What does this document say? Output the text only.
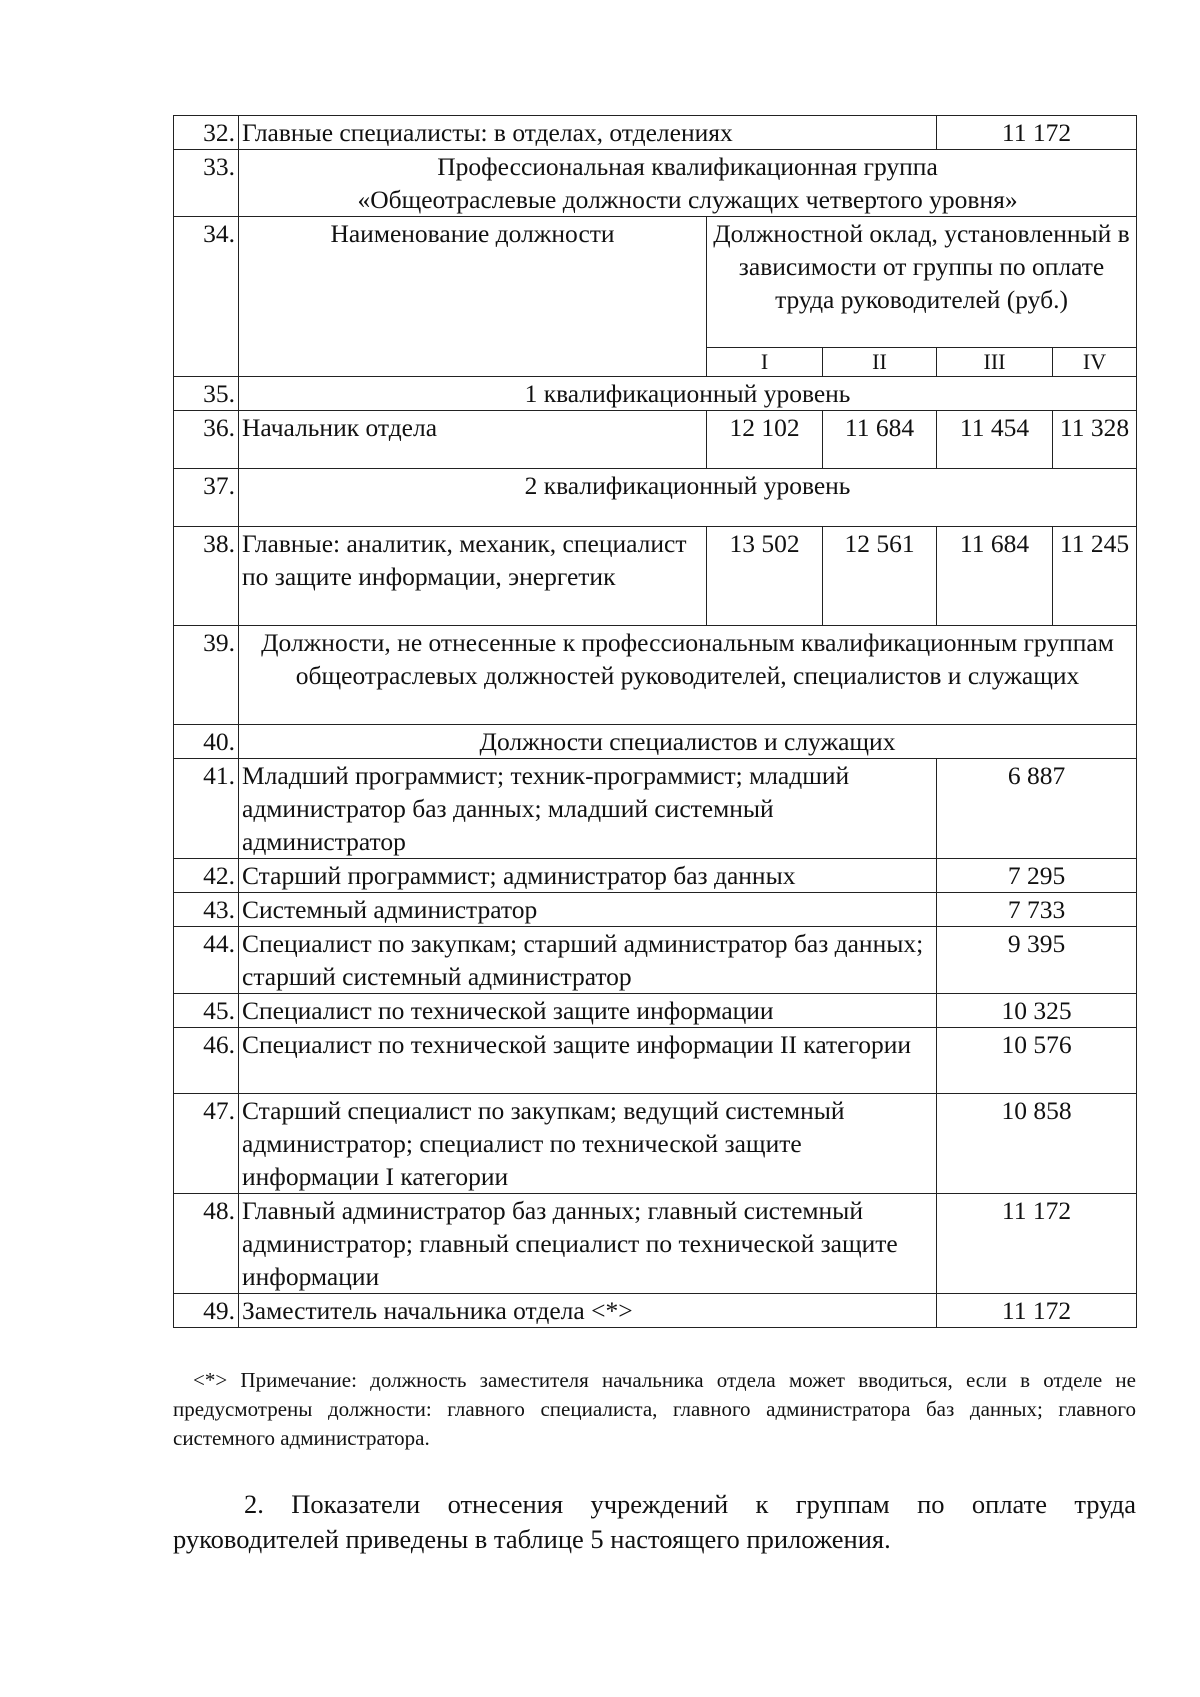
32.	Главные специалисты: в отделах, отделениях			11 172	
33.	Профессиональная квалификационная группа
«Общеотраслевые должности служащих четвертого уровня»				

34.	Наименование должности	Должностной оклад, установленный в зависимости от группы по оплате труда руководителей (руб.)			
		I	II	III	IV
35.	1 квалификационный уровень				
36.	Начальник отдела	12 102	11 684	11 454	11 328
37.	2 квалификационный уровень				
38.	Главные: аналитик, механик, специалист по защите информации, энергетик	13 502	12 561	11 684	11 245
39.	Должности, не отнесенные к профессиональным квалификационным группам общеотраслевых должностей руководителей, специалистов и служащих				
40.	Должности специалистов и служащих				
41.	Младший программист; техник-программист; младший администратор баз данных; младший системный администратор			6 887	
42.	Старший программист; администратор баз данных			7 295	
43.	Системный администратор			7 733	
44.	Специалист по закупкам; старший администратор баз данных; старший системный администратор			9 395	
45.	Специалист по технической защите информации			10 325	
46.	Специалист по технической защите информации II категории			10 576	
47.	Старший специалист по закупкам; ведущий системный администратор; специалист по технической защите информации I категории			10 858	
48.	Главный администратор баз данных; главный системный администратор; главный специалист по технической защите информации			11 172	
49.	Заместитель начальника отдела <*>			11 172	

<*> Примечание: должность заместителя начальника отдела может вводиться, если в отделе не предусмотрены должности: главного специалиста, главного администратора баз данных; главного системного администратора.

2. Показатели отнесения учреждений к группам по оплате труда руководителей приведены в таблице 5 настоящего приложения.
